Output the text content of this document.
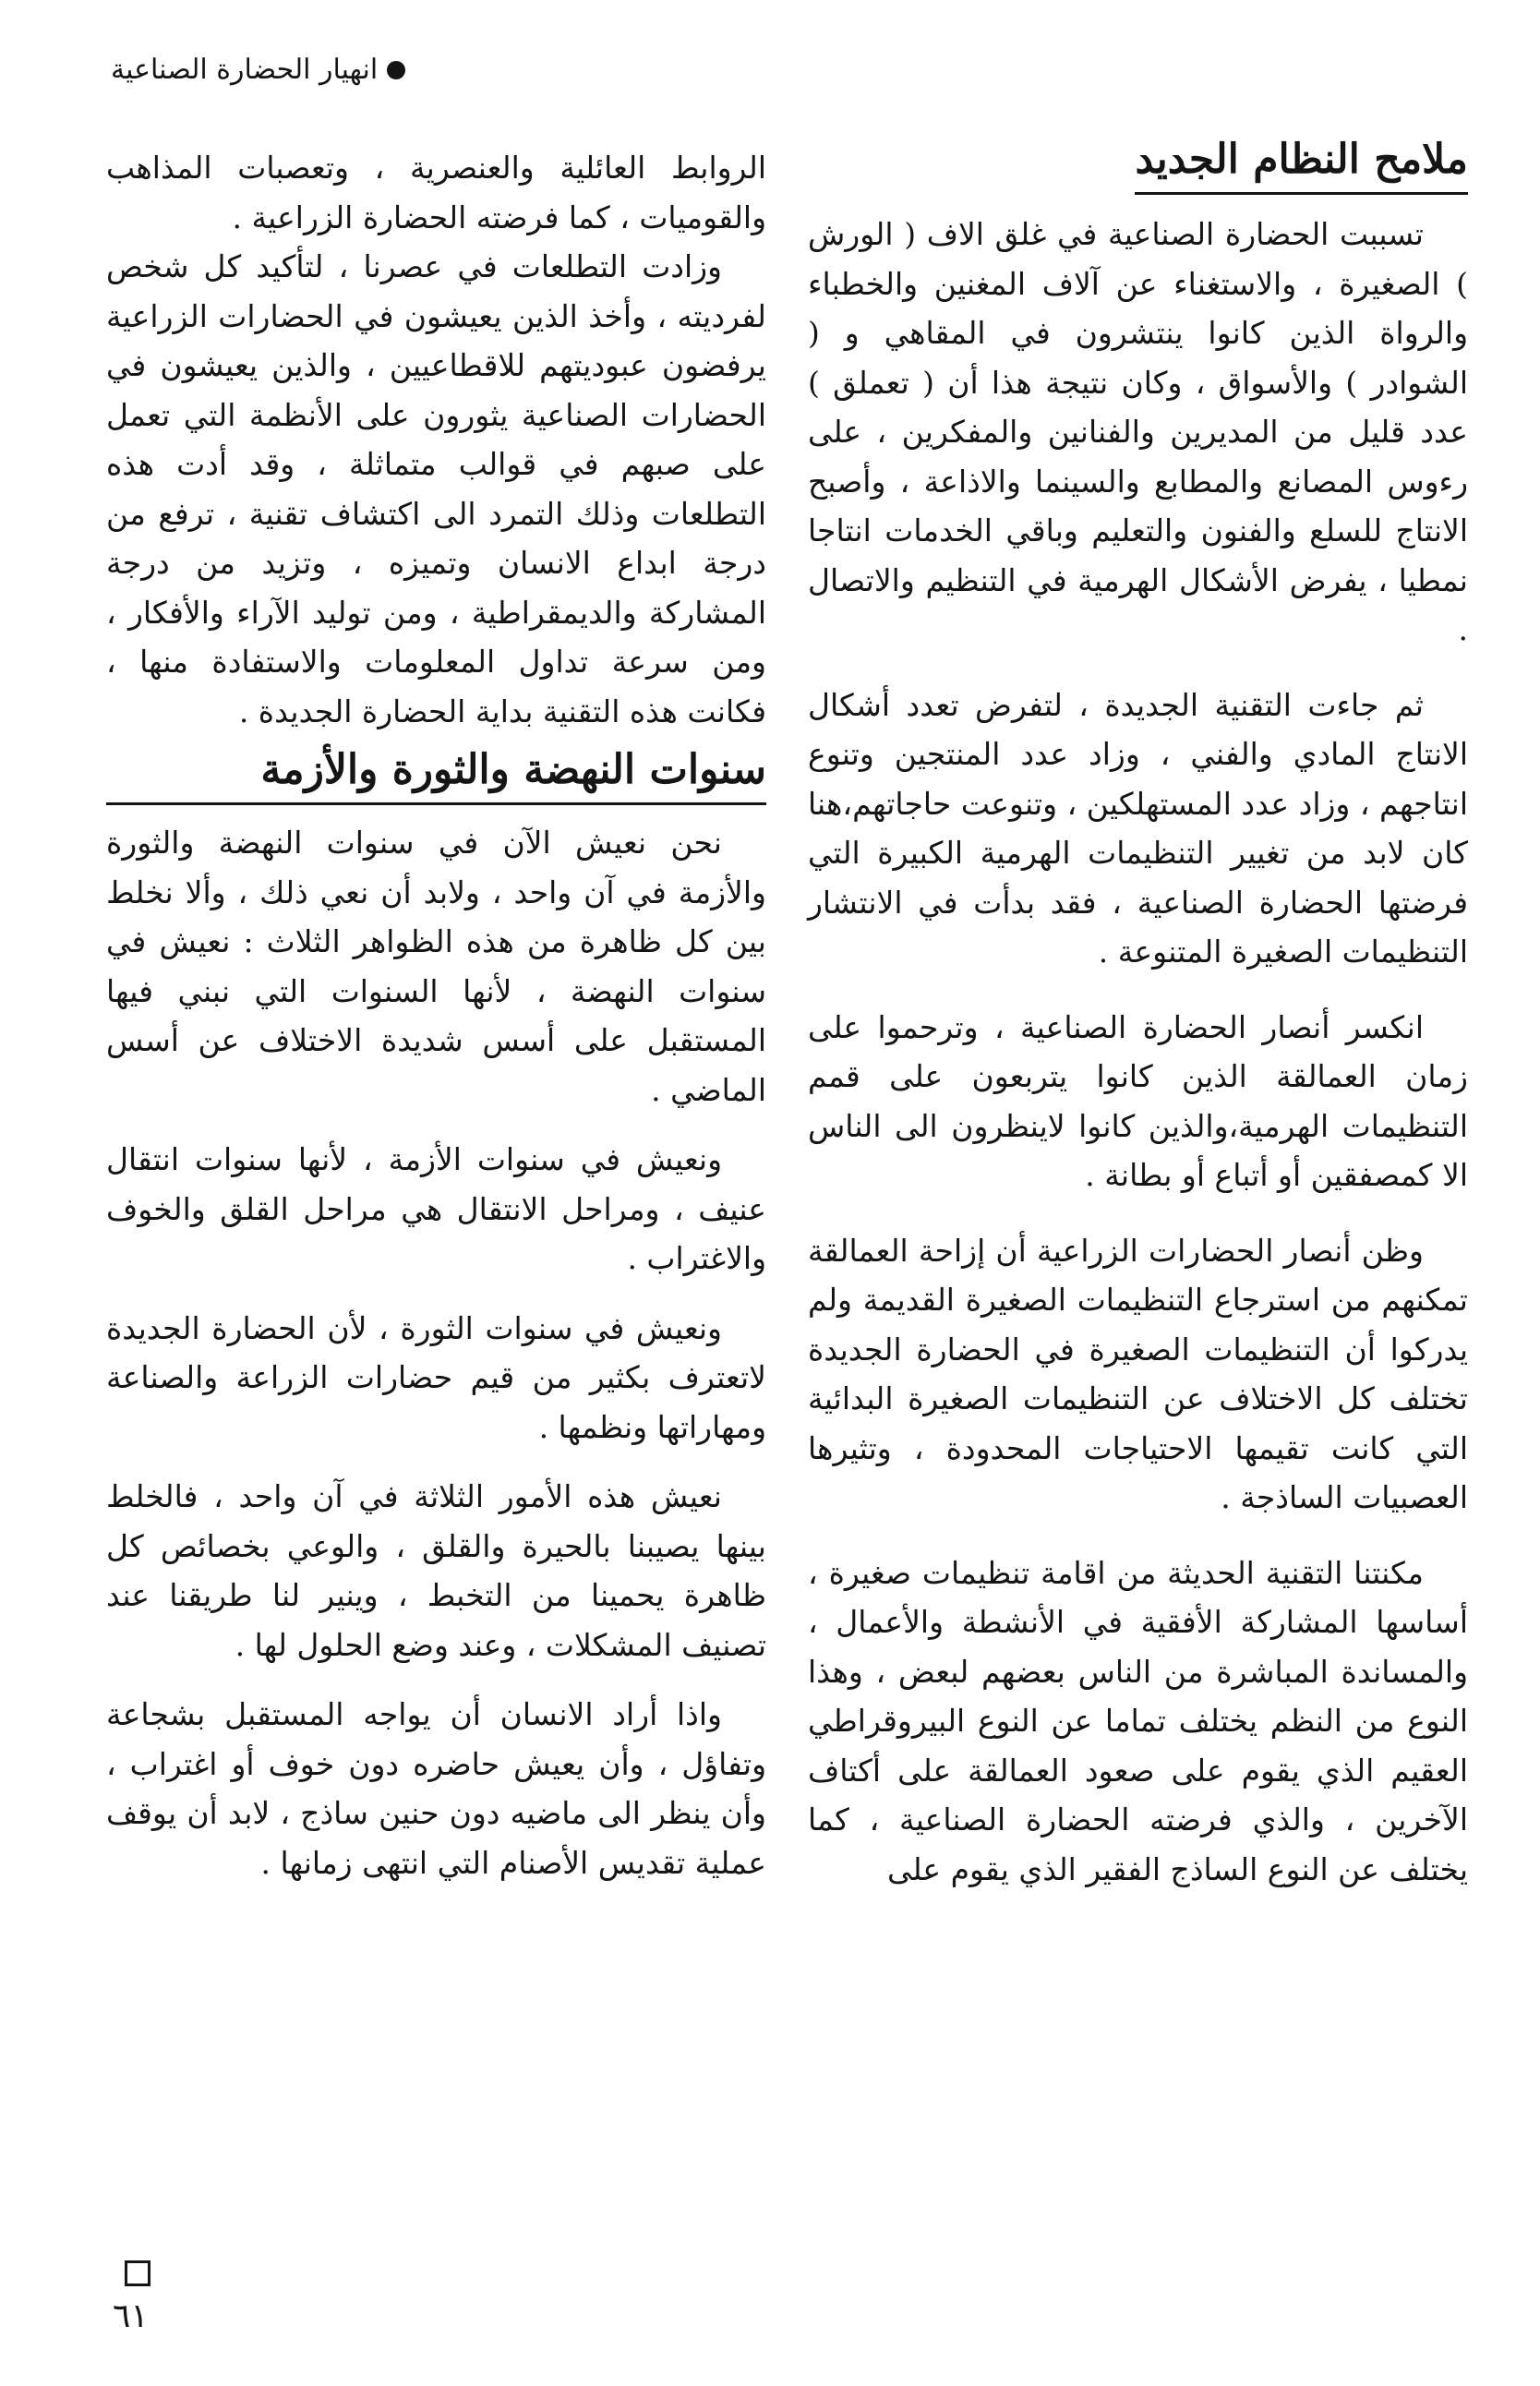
انهيار الحضارة الصناعية
ملامح النظام الجديد

تسببت الحضارة الصناعية في غلق الاف ( الورش ) الصغيرة ، والاستغناء عن آلاف المغنين والخطباء والرواة الذين كانوا ينتشرون في المقاهي و ( الشوادر ) والأسواق ، وكان نتيجة هذا أن ( تعملق ) عدد قليل من المديرين والفنانين والمفكرين ، على رءوس المصانع والمطابع والسينما والاذاعة ، وأصبح الانتاج للسلع والفنون والتعليم وباقي الخدمات انتاجا نمطيا ، يفرض الأشكال الهرمية في التنظيم والاتصال .

ثم جاءت التقنية الجديدة ، لتفرض تعدد أشكال الانتاج المادي والفني ، وزاد عدد المنتجين وتنوع انتاجهم ، وزاد عدد المستهلكين ، وتنوعت حاجاتهم،هنا كان لابد من تغيير التنظيمات الهرمية الكبيرة التي فرضتها الحضارة الصناعية ، فقد بدأت في الانتشار التنظيمات الصغيرة المتنوعة .

انكسر أنصار الحضارة الصناعية ، وترحموا على زمان العمالقة الذين كانوا يتربعون على قمم التنظيمات الهرمية،والذين كانوا لاينظرون الى الناس الا كمصفقين أو أتباع أو بطانة .

وظن أنصار الحضارات الزراعية أن إزاحة العمالقة تمكنهم من استرجاع التنظيمات الصغيرة القديمة ولم يدركوا أن التنظيمات الصغيرة في الحضارة الجديدة تختلف كل الاختلاف عن التنظيمات الصغيرة البدائية التي كانت تقيمها الاحتياجات المحدودة ، وتثيرها العصبيات الساذجة .

مكنتنا التقنية الحديثة من اقامة تنظيمات صغيرة ، أساسها المشاركة الأفقية في الأنشطة والأعمال ، والمساندة المباشرة من الناس بعضهم لبعض ، وهذا النوع من النظم يختلف تماما عن النوع البيروقراطي العقيم الذي يقوم على صعود العمالقة على أكتاف الآخرين ، والذي فرضته الحضارة الصناعية ، كما يختلف عن النوع الساذج الفقير الذي يقوم على

الروابط العائلية والعنصرية ، وتعصبات المذاهب والقوميات ، كما فرضته الحضارة الزراعية .

وزادت التطلعات في عصرنا ، لتأكيد كل شخص لفرديته ، وأخذ الذين يعيشون في الحضارات الزراعية يرفضون عبوديتهم للاقطاعيين ، والذين يعيشون في الحضارات الصناعية يثورون على الأنظمة التي تعمل على صبهم في قوالب متماثلة ، وقد أدت هذه التطلعات وذلك التمرد الى اكتشاف تقنية ، ترفع من درجة ابداع الانسان وتميزه ، وتزيد من درجة المشاركة والديمقراطية ، ومن توليد الآراء والأفكار ، ومن سرعة تداول المعلومات والاستفادة منها ، فكانت هذه التقنية بداية الحضارة الجديدة .

سنوات النهضة والثورة والأزمة

نحن نعيش الآن في سنوات النهضة والثورة والأزمة في آن واحد ، ولابد أن نعي ذلك ، وألا نخلط بين كل ظاهرة من هذه الظواهر الثلاث : نعيش في سنوات النهضة ، لأنها السنوات التي نبني فيها المستقبل على أسس شديدة الاختلاف عن أسس الماضي .

ونعيش في سنوات الأزمة ، لأنها سنوات انتقال عنيف ، ومراحل الانتقال هي مراحل القلق والخوف والاغتراب .

ونعيش في سنوات الثورة ، لأن الحضارة الجديدة لاتعترف بكثير من قيم حضارات الزراعة والصناعة ومهاراتها ونظمها .

نعيش هذه الأمور الثلاثة في آن واحد ، فالخلط بينها يصيبنا بالحيرة والقلق ، والوعي بخصائص كل ظاهرة يحمينا من التخبط ، وينير لنا طريقنا عند تصنيف المشكلات ، وعند وضع الحلول لها .

واذا أراد الانسان أن يواجه المستقبل بشجاعة وتفاؤل ، وأن يعيش حاضره دون خوف أو اغتراب ، وأن ينظر الى ماضيه دون حنين ساذج ، لابد أن يوقف عملية تقديس الأصنام التي انتهى زمانها .

٦١
